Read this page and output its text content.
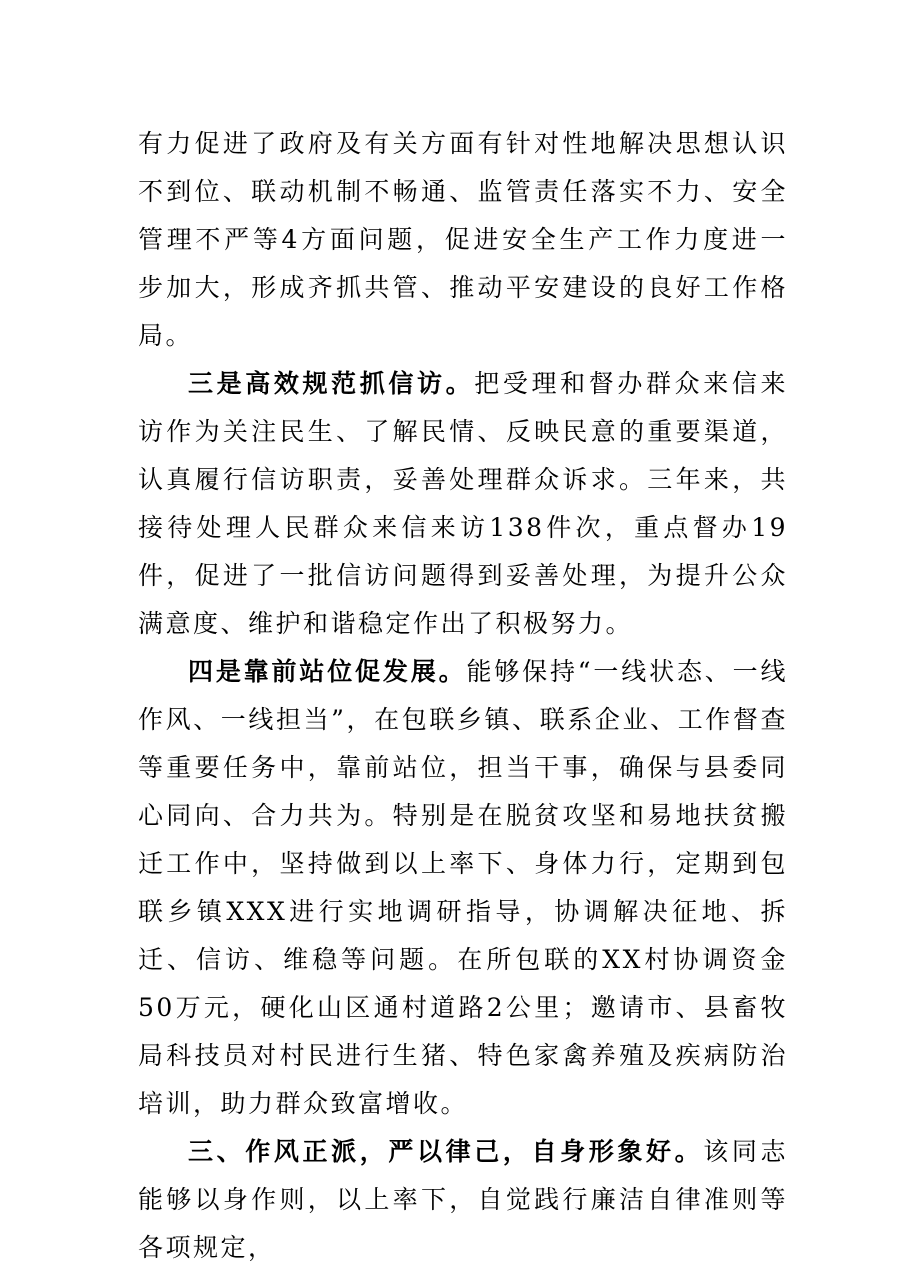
有力促进了政府及有关方面有针对性地解决思想认识不到位、联动机制不畅通、监管责任落实不力、安全管理不严等4方面问题，促进安全生产工作力度进一步加大，形成齐抓共管、推动平安建设的良好工作格局。

三是高效规范抓信访。把受理和督办群众来信来访作为关注民生、了解民情、反映民意的重要渠道，认真履行信访职责，妥善处理群众诉求。三年来，共接待处理人民群众来信来访138件次，重点督办19件，促进了一批信访问题得到妥善处理，为提升公众满意度、维护和谐稳定作出了积极努力。

四是靠前站位促发展。能够保持“一线状态、一线作风、一线担当”，在包联乡镇、联系企业、工作督查等重要任务中，靠前站位，担当干事，确保与县委同心同向、合力共为。特别是在脱贫攻坚和易地扶贫搬迁工作中，坚持做到以上率下、身体力行，定期到包联乡镇XXX进行实地调研指导，协调解决征地、拆迁、信访、维稳等问题。在所包联的XX村协调资金50万元，硬化山区通村道路2公里；邀请市、县畜牧局科技员对村民进行生猪、特色家禽养殖及疾病防治培训，助力群众致富增收。

三、作风正派，严以律己，自身形象好。该同志能够以身作则，以上率下，自觉践行廉洁自律准则等各项规定，
